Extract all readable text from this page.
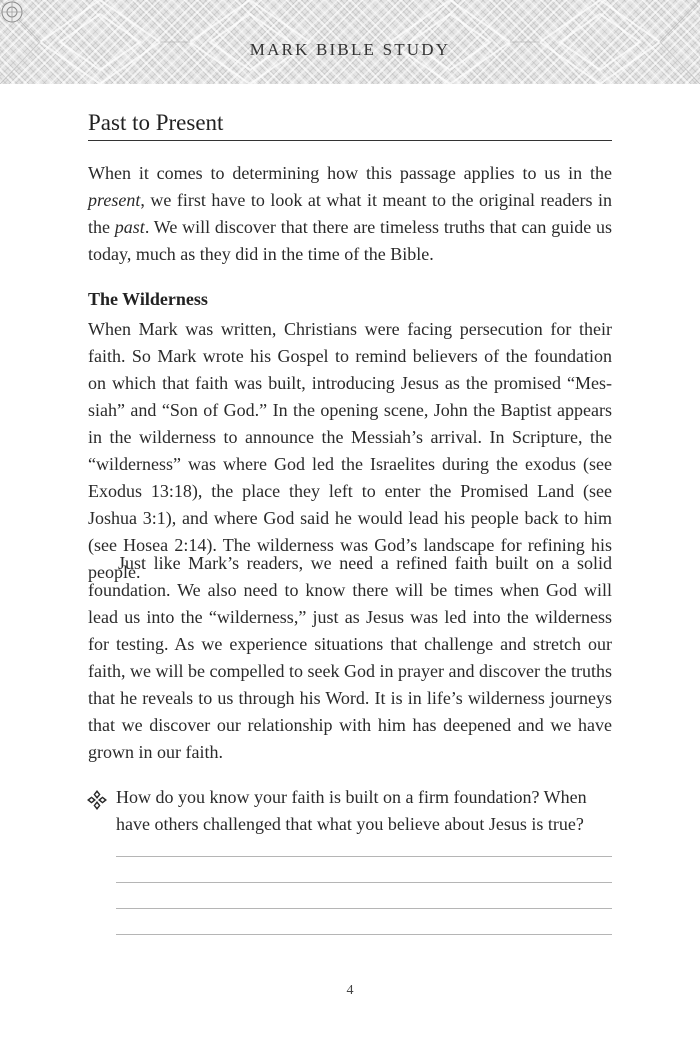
MARK BIBLE STUDY
Past to Present

When it comes to determining how this passage applies to us in the present, we first have to look at what it meant to the original readers in the past. We will discover that there are timeless truths that can guide us today, much as they did in the time of the Bible.

The Wilderness

When Mark was written, Christians were facing persecution for their faith. So Mark wrote his Gospel to remind believers of the foundation on which that faith was built, introducing Jesus as the promised “Messiah” and “Son of God.” In the opening scene, John the Baptist appears in the wilderness to announce the Messiah’s arrival. In Scripture, the “wilderness” was where God led the Israelites during the exodus (see Exodus 13:18), the place they left to enter the Promised Land (see Joshua 3:1), and where God said he would lead his people back to him (see Hosea 2:14). The wilderness was God’s landscape for refining his people.

Just like Mark’s readers, we need a refined faith built on a solid foundation. We also need to know there will be times when God will lead us into the “wilderness,” just as Jesus was led into the wilderness for testing. As we experience situations that challenge and stretch our faith, we will be compelled to seek God in prayer and discover the truths that he reveals to us through his Word. It is in life’s wilderness journeys that we discover our relationship with him has deepened and we have grown in our faith.

How do you know your faith is built on a firm foundation? When have others challenged that what you believe about Jesus is true?

4
